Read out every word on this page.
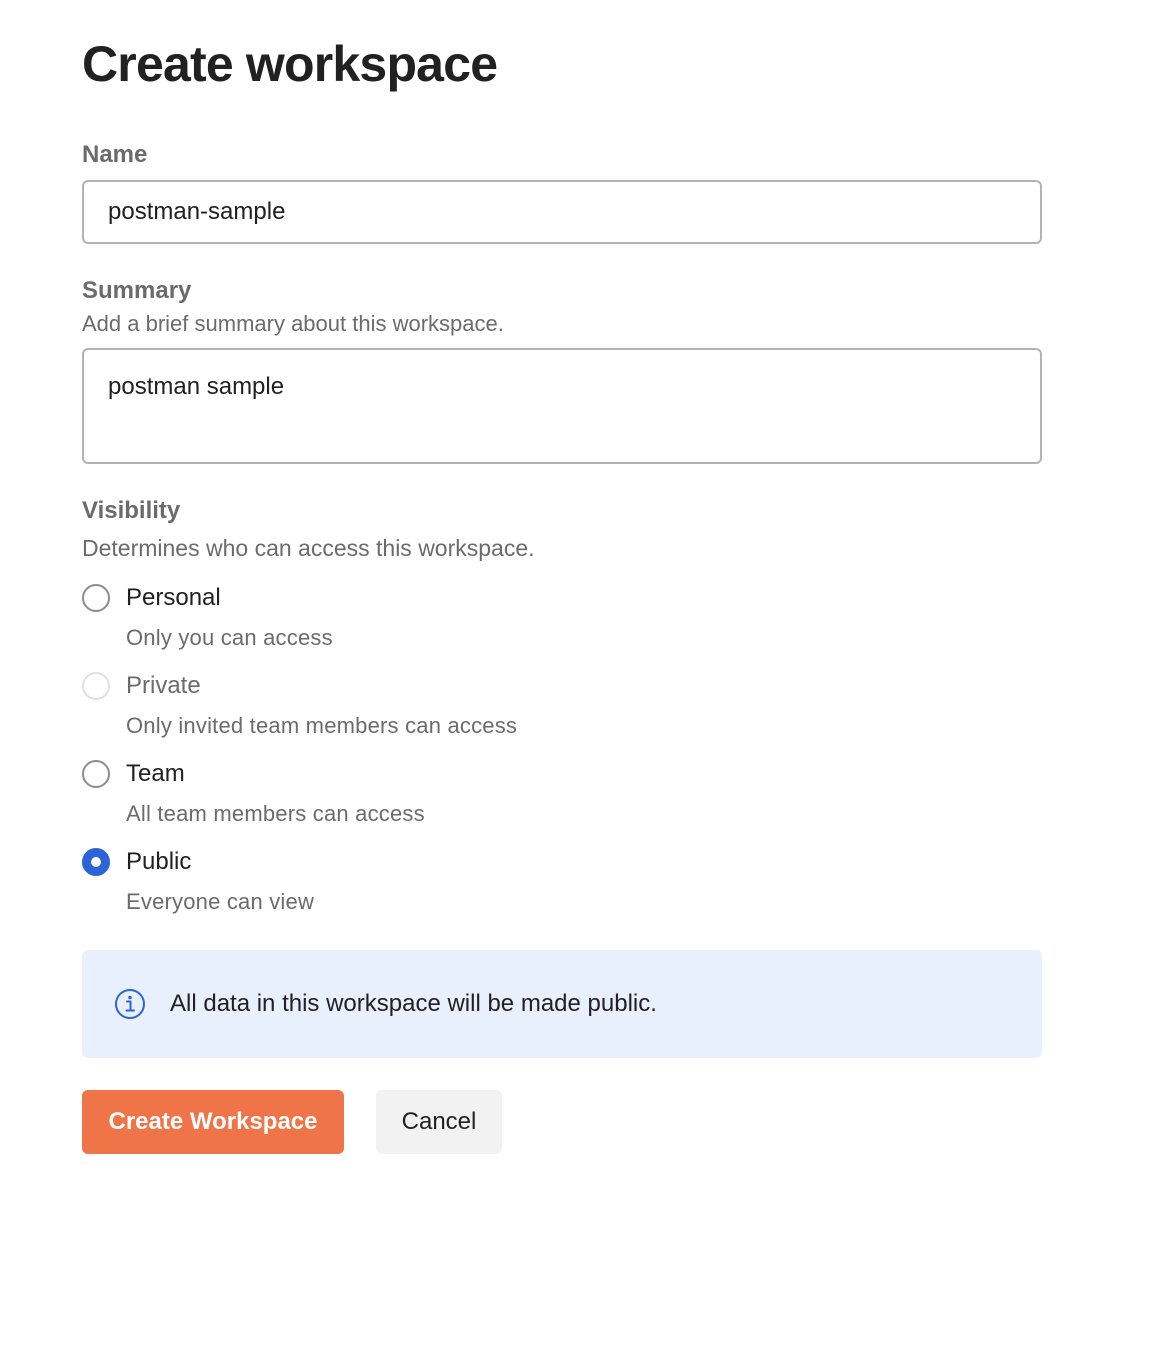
Create workspace
Name
postman-sample
Summary
Add a brief summary about this workspace.
postman sample
Visibility
Determines who can access this workspace.
Personal
Only you can access
Private
Only invited team members can access
Team
All team members can access
Public
Everyone can view
All data in this workspace will be made public.
Create Workspace	Cancel
